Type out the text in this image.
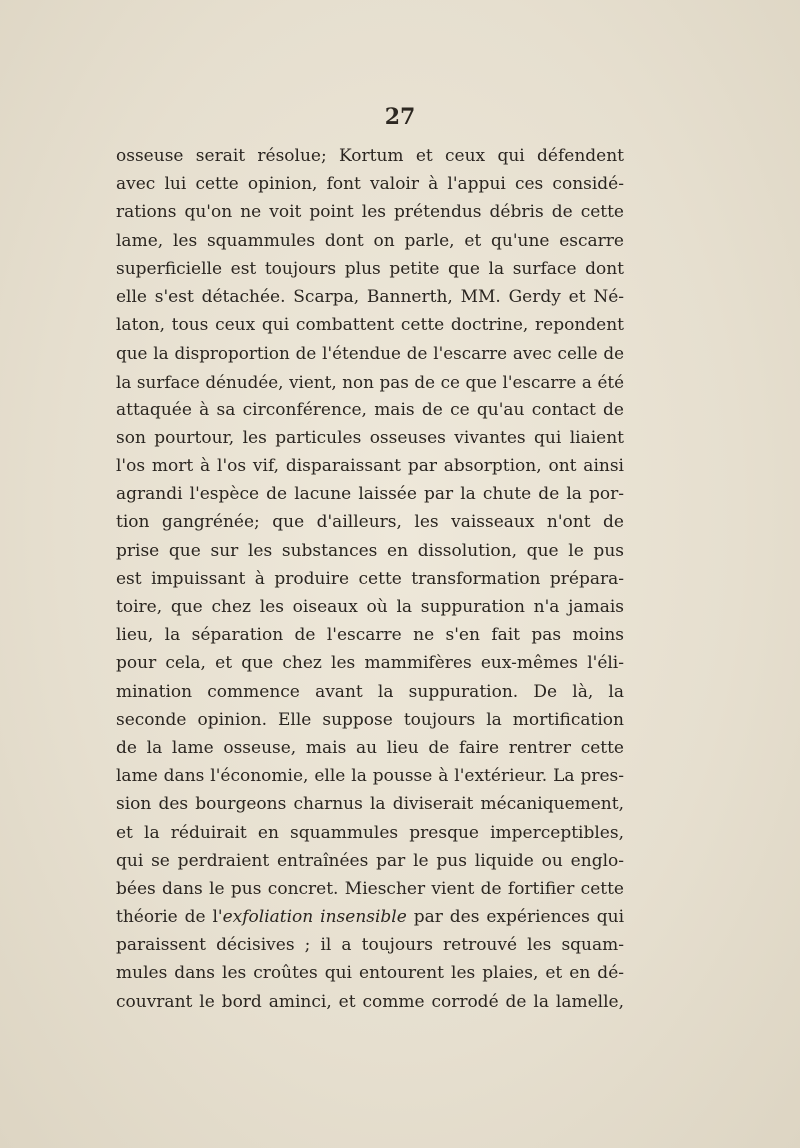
27
osseuse serait résolue; Kortum et ceux qui défendent
avec lui cette opinion, font valoir à l'appui ces considé-
rations qu'on ne voit point les prétendus débris de cette
lame, les squammules dont on parle, et qu'une escarre
superficielle est toujours plus petite que la surface dont
elle s'est détachée. Scarpa, Bannerth, MM. Gerdy et Né-
laton, tous ceux qui combattent cette doctrine, repondent
que la disproportion de l'étendue de l'escarre avec celle de
la surface dénudée, vient, non pas de ce que l'escarre a été
attaquée à sa circonférence, mais de ce qu'au contact de
son pourtour, les particules osseuses vivantes qui liaient
l'os mort à l'os vif, disparaissant par absorption, ont ainsi
agrandi l'espèce de lacune laissée par la chute de la por-
tion gangrénée; que d'ailleurs, les vaisseaux n'ont de
prise que sur les substances en dissolution, que le pus
est impuissant à produire cette transformation prépara-
toire, que chez les oiseaux où la suppuration n'a jamais
lieu, la séparation de l'escarre ne s'en fait pas moins
pour cela, et que chez les mammifères eux-mêmes l'éli-
mination commence avant la suppuration. De là, la
seconde opinion. Elle suppose toujours la mortification
de la lame osseuse, mais au lieu de faire rentrer cette
lame dans l'économie, elle la pousse à l'extérieur. La pres-
sion des bourgeons charnus la diviserait mécaniquement,
et la réduirait en squammules presque imperceptibles,
qui se perdraient entraînées par le pus liquide ou englo-
bées dans le pus concret. Miescher vient de fortifier cette
théorie de l'exfoliation insensible par des expériences qui
paraissent décisives ; il a toujours retrouvé les squam-
mules dans les croûtes qui entourent les plaies, et en dé-
couvrant le bord aminci, et comme corrodé de la lamelle,
